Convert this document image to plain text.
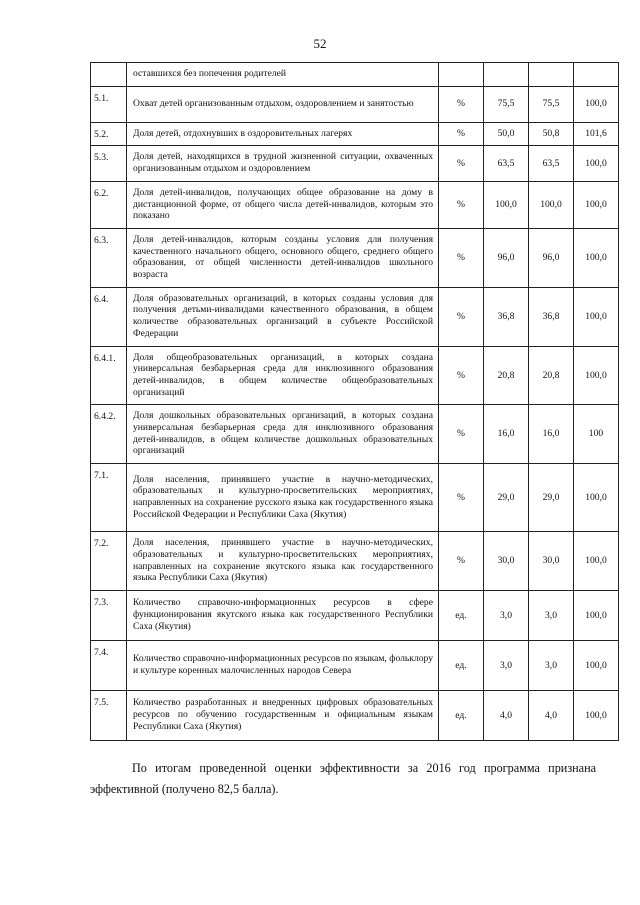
52
	оставшихся без попечения родителей				
5.1.	Охват детей организованным отдыхом, оздоровлением и занятостью	%	75,5	75,5	100,0
5.2.	Доля детей, отдохнувших в оздоровительных лагерях	%	50,0	50,8	101,6
5.3.	Доля детей, находящихся в трудной жизненной ситуации, охваченных организованным отдыхом и оздоровлением	%	63,5	63,5	100,0
6.2.	Доля детей-инвалидов, получающих общее образование на дому в дистанционной форме, от общего числа детей-инвалидов, которым это показано	%	100,0	100,0	100,0
6.3.	Доля детей-инвалидов, которым созданы условия для получения качественного начального общего, основного общего, среднего общего образования, от общей численности детей-инвалидов школьного возраста	%	96,0	96,0	100,0
6.4.	Доля образовательных организаций, в которых созданы условия для получения детьми-инвалидами качественного образования, в общем количестве образовательных организаций в субъекте Российской Федерации	%	36,8	36,8	100,0
6.4.1.	Доля общеобразовательных организаций, в которых создана универсальная безбарьерная среда для инклюзивного образования детей-инвалидов, в общем количестве общеобразовательных организаций	%	20,8	20,8	100,0
6.4.2.	Доля дошкольных образовательных организаций, в которых создана универсальная безбарьерная среда для инклюзивного образования детей-инвалидов, в общем количестве дошкольных образовательных организаций	%	16,0	16,0	100
7.1.	Доля населения, принявшего участие в научно-методических, образовательных и культурно-просветительских мероприятиях, направленных на сохранение русского языка как государственного языка Российской Федерации и Республики Саха (Якутия)	%	29,0	29,0	100,0
7.2.	Доля населения, принявшего участие в научно-методических, образовательных и культурно-просветительских мероприятиях, направленных на сохранение якутского языка как государственного языка Республики Саха (Якутия)	%	30,0	30,0	100,0
7.3.	Количество справочно-информационных ресурсов в сфере функционирования якутского языка как государственного Республики Саха (Якутия)	ед.	3,0	3,0	100,0
7.4.	Количество справочно-информационных ресурсов по языкам, фольклору и культуре коренных малочисленных народов Севера	ед.	3,0	3,0	100,0
7.5.	Количество разработанных и внедренных цифровых образовательных ресурсов по обучению государственным и официальным языкам Республики Саха (Якутия)	ед.	4,0	4,0	100,0
По итогам проведенной оценки эффективности за 2016 год программа признана эффективной (получено 82,5 балла).
